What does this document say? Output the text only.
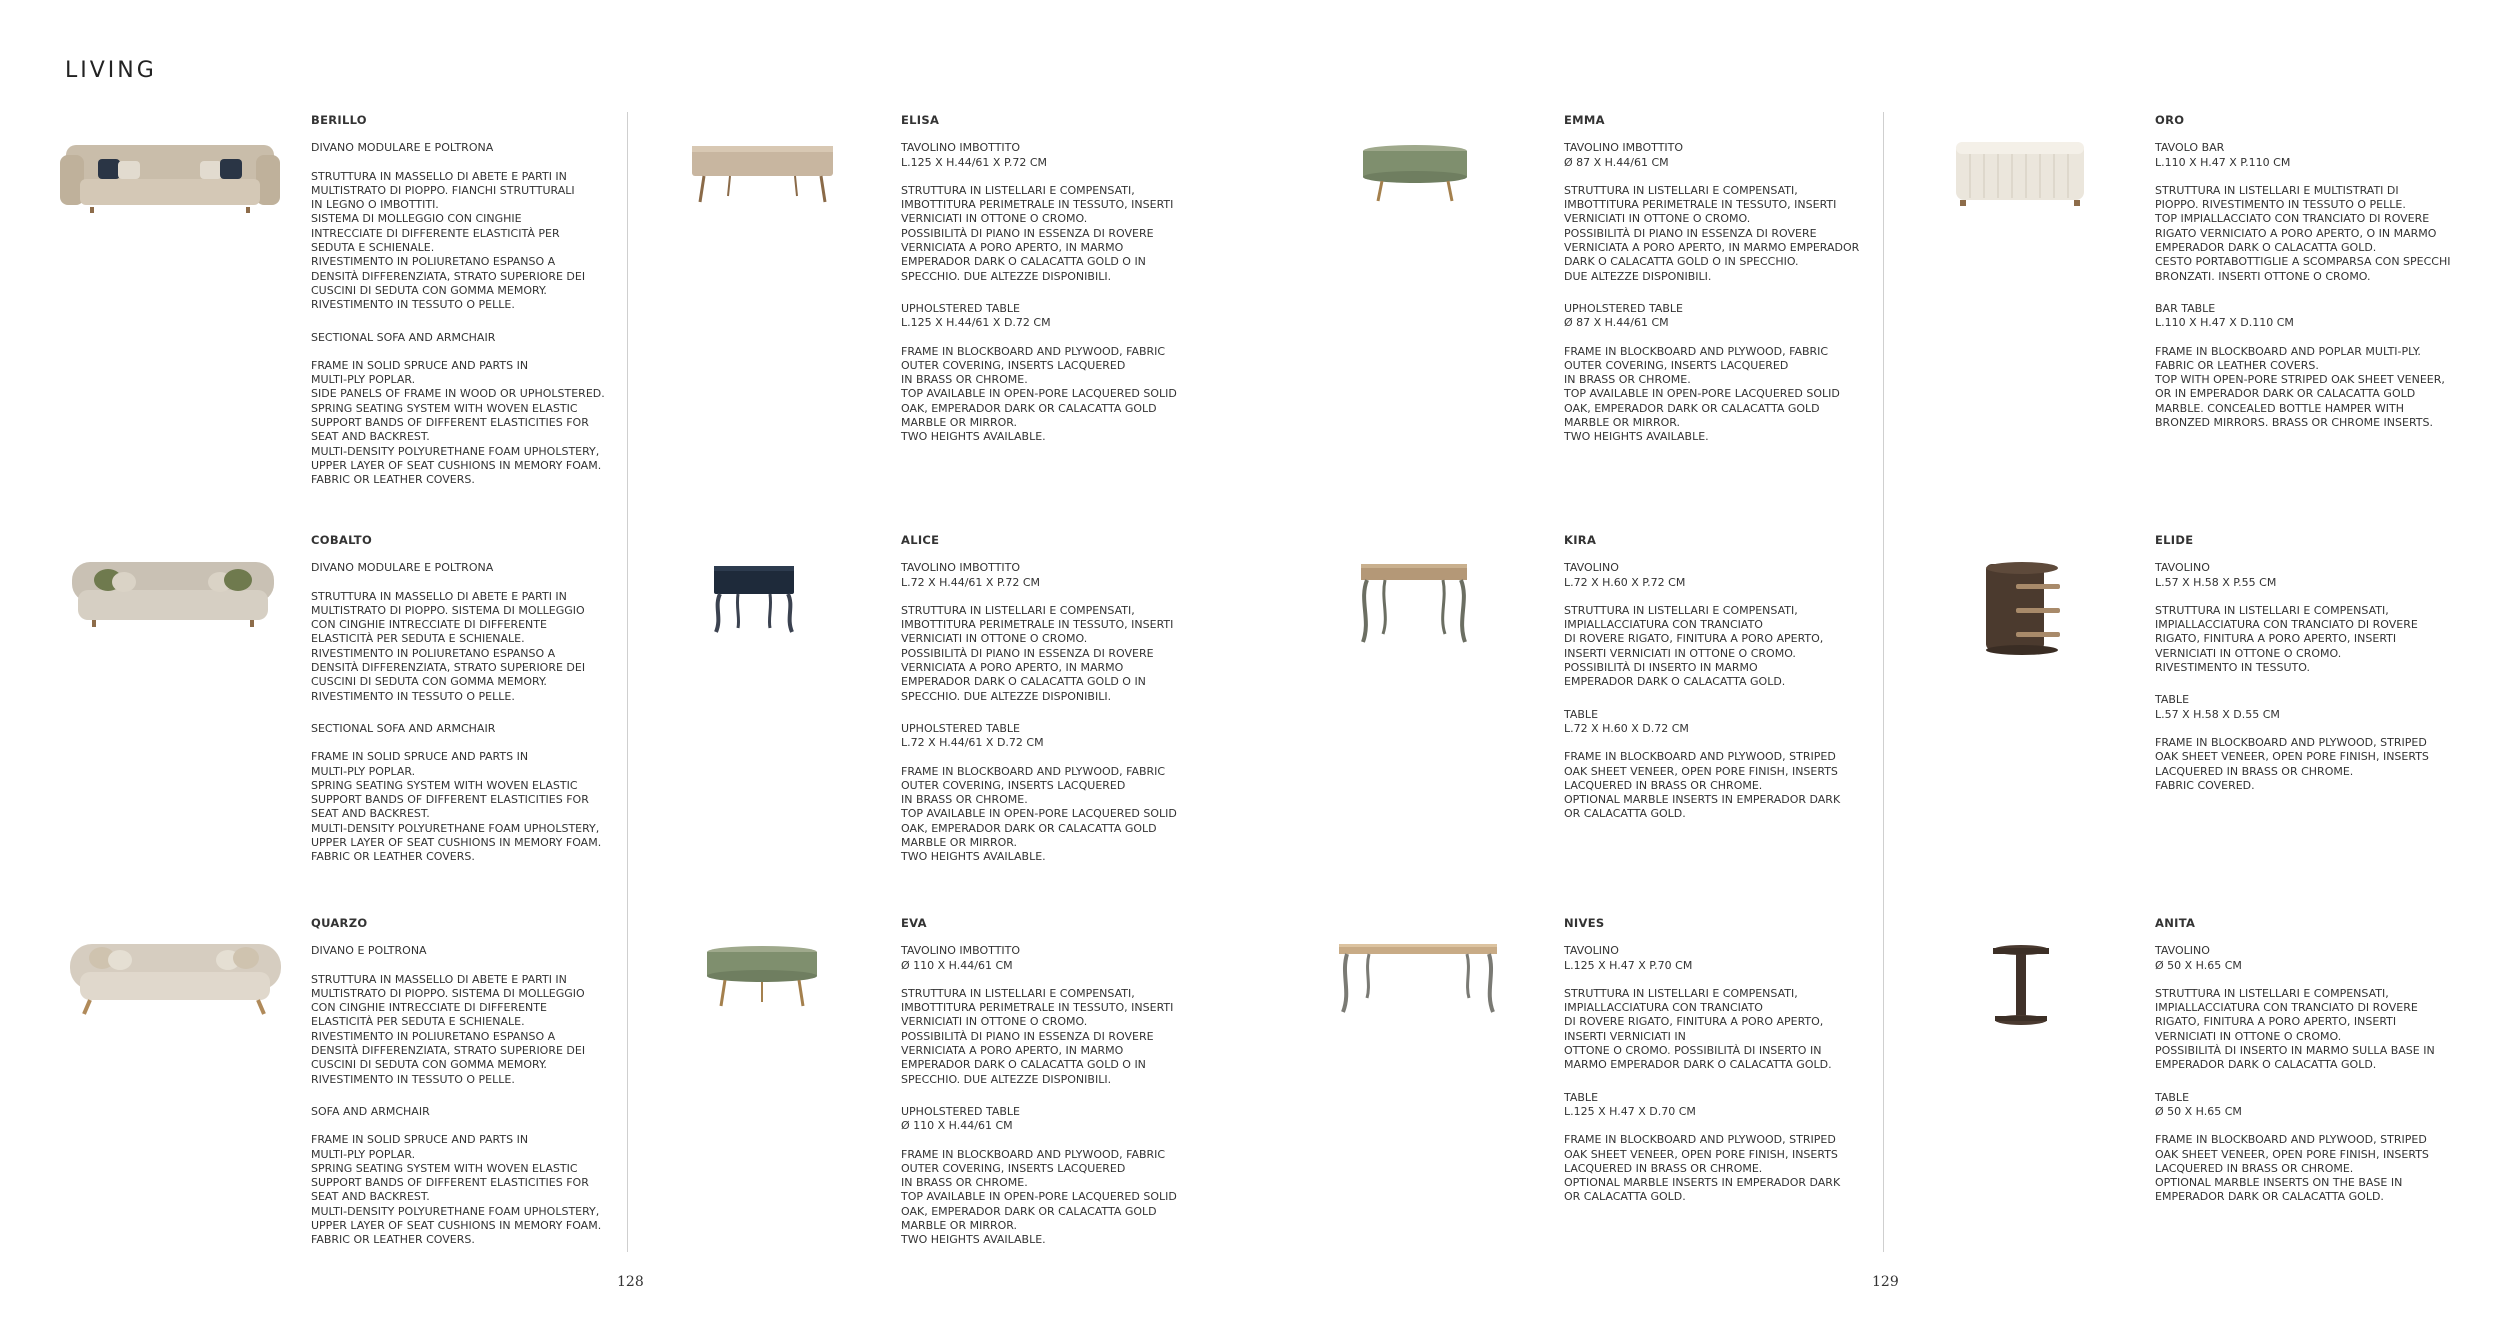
LIVING
128	129
BERILLO
DIVANO MODULARE E POLTRONA
STRUTTURA IN MASSELLO DI ABETE E PARTI IN
MULTISTRATO DI PIOPPO. FIANCHI STRUTTURALI
IN LEGNO O IMBOTTITI.
SISTEMA DI MOLLEGGIO CON CINGHIE
INTRECCIATE DI DIFFERENTE ELASTICITÀ PER
SEDUTA E SCHIENALE.
RIVESTIMENTO IN POLIURETANO ESPANSO A
DENSITÀ DIFFERENZIATA, STRATO SUPERIORE DEI
CUSCINI DI SEDUTA CON GOMMA MEMORY.
RIVESTIMENTO IN TESSUTO O PELLE.
SECTIONAL SOFA AND ARMCHAIR
FRAME IN SOLID SPRUCE AND PARTS IN
MULTI-PLY POPLAR.
SIDE PANELS OF FRAME IN WOOD OR UPHOLSTERED.
SPRING SEATING SYSTEM WITH WOVEN ELASTIC
SUPPORT BANDS OF DIFFERENT ELASTICITIES FOR
SEAT AND BACKREST.
MULTI-DENSITY POLYURETHANE FOAM UPHOLSTERY,
UPPER LAYER OF SEAT CUSHIONS IN MEMORY FOAM.
FABRIC OR LEATHER COVERS.
ELISA
TAVOLINO IMBOTTITO
L.125 X H.44/61 X P.72 CM
STRUTTURA IN LISTELLARI E COMPENSATI,
IMBOTTITURA PERIMETRALE IN TESSUTO, INSERTI
VERNICIATI IN OTTONE O CROMO.
POSSIBILITÀ DI PIANO IN ESSENZA DI ROVERE
VERNICIATA A PORO APERTO, IN MARMO
EMPERADOR DARK O CALACATTA GOLD O IN
SPECCHIO. DUE ALTEZZE DISPONIBILI.
UPHOLSTERED TABLE
L.125 X H.44/61 X D.72 CM
FRAME IN BLOCKBOARD AND PLYWOOD, FABRIC
OUTER COVERING, INSERTS LACQUERED
IN BRASS OR CHROME.
TOP AVAILABLE IN OPEN-PORE LACQUERED SOLID
OAK, EMPERADOR DARK OR CALACATTA GOLD
MARBLE OR MIRROR.
TWO HEIGHTS AVAILABLE.
EMMA
TAVOLINO IMBOTTITO
Ø 87 X H.44/61 CM
STRUTTURA IN LISTELLARI E COMPENSATI,
IMBOTTITURA PERIMETRALE IN TESSUTO, INSERTI
VERNICIATI IN OTTONE O CROMO.
POSSIBILITÀ DI PIANO IN ESSENZA DI ROVERE
VERNICIATA A PORO APERTO, IN MARMO EMPERADOR
DARK O CALACATTA GOLD O IN SPECCHIO.
DUE ALTEZZE DISPONIBILI.
UPHOLSTERED TABLE
Ø 87 X H.44/61 CM
FRAME IN BLOCKBOARD AND PLYWOOD, FABRIC
OUTER COVERING, INSERTS LACQUERED
IN BRASS OR CHROME.
TOP AVAILABLE IN OPEN-PORE LACQUERED SOLID
OAK, EMPERADOR DARK OR CALACATTA GOLD
MARBLE OR MIRROR.
TWO HEIGHTS AVAILABLE.
ORO
TAVOLO BAR
L.110 X H.47 X P.110 CM
STRUTTURA IN LISTELLARI E MULTISTRATI DI
PIOPPO. RIVESTIMENTO IN TESSUTO O PELLE.
TOP IMPIALLACCIATO CON TRANCIATO DI ROVERE
RIGATO VERNICIATO A PORO APERTO, O IN MARMO
EMPERADOR DARK O CALACATTA GOLD.
CESTO PORTABOTTIGLIE A SCOMPARSA CON SPECCHI
BRONZATI. INSERTI OTTONE O CROMO.
BAR TABLE
L.110 X H.47 X D.110 CM
FRAME IN BLOCKBOARD AND POPLAR MULTI-PLY.
FABRIC OR LEATHER COVERS.
TOP WITH OPEN-PORE STRIPED OAK SHEET VENEER,
OR IN EMPERADOR DARK OR CALACATTA GOLD
MARBLE. CONCEALED BOTTLE HAMPER WITH
BRONZED MIRRORS. BRASS OR CHROME INSERTS.
COBALTO
DIVANO MODULARE E POLTRONA
STRUTTURA IN MASSELLO DI ABETE E PARTI IN
MULTISTRATO DI PIOPPO. SISTEMA DI MOLLEGGIO
CON CINGHIE INTRECCIATE DI DIFFERENTE
ELASTICITÀ PER SEDUTA E SCHIENALE.
RIVESTIMENTO IN POLIURETANO ESPANSO A
DENSITÀ DIFFERENZIATA, STRATO SUPERIORE DEI
CUSCINI DI SEDUTA CON GOMMA MEMORY.
RIVESTIMENTO IN TESSUTO O PELLE.
SECTIONAL SOFA AND ARMCHAIR
FRAME IN SOLID SPRUCE AND PARTS IN
MULTI-PLY POPLAR.
SPRING SEATING SYSTEM WITH WOVEN ELASTIC
SUPPORT BANDS OF DIFFERENT ELASTICITIES FOR
SEAT AND BACKREST.
MULTI-DENSITY POLYURETHANE FOAM UPHOLSTERY,
UPPER LAYER OF SEAT CUSHIONS IN MEMORY FOAM.
FABRIC OR LEATHER COVERS.
ALICE
TAVOLINO IMBOTTITO
L.72 X H.44/61 X P.72 CM
STRUTTURA IN LISTELLARI E COMPENSATI,
IMBOTTITURA PERIMETRALE IN TESSUTO, INSERTI
VERNICIATI IN OTTONE O CROMO.
POSSIBILITÀ DI PIANO IN ESSENZA DI ROVERE
VERNICIATA A PORO APERTO, IN MARMO
EMPERADOR DARK O CALACATTA GOLD O IN
SPECCHIO. DUE ALTEZZE DISPONIBILI.
UPHOLSTERED TABLE
L.72 X H.44/61 X D.72 CM
FRAME IN BLOCKBOARD AND PLYWOOD, FABRIC
OUTER COVERING, INSERTS LACQUERED
IN BRASS OR CHROME.
TOP AVAILABLE IN OPEN-PORE LACQUERED SOLID
OAK, EMPERADOR DARK OR CALACATTA GOLD
MARBLE OR MIRROR.
TWO HEIGHTS AVAILABLE.
KIRA
TAVOLINO
L.72 X H.60 X P.72 CM
STRUTTURA IN LISTELLARI E COMPENSATI,
IMPIALLACCIATURA CON TRANCIATO
DI ROVERE RIGATO, FINITURA A PORO APERTO,
INSERTI VERNICIATI IN OTTONE O CROMO.
POSSIBILITÀ DI INSERTO IN MARMO
EMPERADOR DARK O CALACATTA GOLD.
TABLE
L.72 X H.60 X D.72 CM
FRAME IN BLOCKBOARD AND PLYWOOD, STRIPED
OAK SHEET VENEER, OPEN PORE FINISH, INSERTS
LACQUERED IN BRASS OR CHROME.
OPTIONAL MARBLE INSERTS IN EMPERADOR DARK
OR CALACATTA GOLD.
ELIDE
TAVOLINO
L.57 X H.58 X P.55 CM
STRUTTURA IN LISTELLARI E COMPENSATI,
IMPIALLACCIATURA CON TRANCIATO DI ROVERE
RIGATO, FINITURA A PORO APERTO, INSERTI
VERNICIATI IN OTTONE O CROMO.
RIVESTIMENTO IN TESSUTO.
TABLE
L.57 X H.58 X D.55 CM
FRAME IN BLOCKBOARD AND PLYWOOD, STRIPED
OAK SHEET VENEER, OPEN PORE FINISH, INSERTS
LACQUERED IN BRASS OR CHROME.
FABRIC COVERED.
QUARZO
DIVANO E POLTRONA
STRUTTURA IN MASSELLO DI ABETE E PARTI IN
MULTISTRATO DI PIOPPO. SISTEMA DI MOLLEGGIO
CON CINGHIE INTRECCIATE DI DIFFERENTE
ELASTICITÀ PER SEDUTA E SCHIENALE.
RIVESTIMENTO IN POLIURETANO ESPANSO A
DENSITÀ DIFFERENZIATA, STRATO SUPERIORE DEI
CUSCINI DI SEDUTA CON GOMMA MEMORY.
RIVESTIMENTO IN TESSUTO O PELLE.
SOFA AND ARMCHAIR
FRAME IN SOLID SPRUCE AND PARTS IN
MULTI-PLY POPLAR.
SPRING SEATING SYSTEM WITH WOVEN ELASTIC
SUPPORT BANDS OF DIFFERENT ELASTICITIES FOR
SEAT AND BACKREST.
MULTI-DENSITY POLYURETHANE FOAM UPHOLSTERY,
UPPER LAYER OF SEAT CUSHIONS IN MEMORY FOAM.
FABRIC OR LEATHER COVERS.
EVA
TAVOLINO IMBOTTITO
Ø 110 X H.44/61 CM
STRUTTURA IN LISTELLARI E COMPENSATI,
IMBOTTITURA PERIMETRALE IN TESSUTO, INSERTI
VERNICIATI IN OTTONE O CROMO.
POSSIBILITÀ DI PIANO IN ESSENZA DI ROVERE
VERNICIATA A PORO APERTO, IN MARMO
EMPERADOR DARK O CALACATTA GOLD O IN
SPECCHIO. DUE ALTEZZE DISPONIBILI.
UPHOLSTERED TABLE
Ø 110 X H.44/61 CM
FRAME IN BLOCKBOARD AND PLYWOOD, FABRIC
OUTER COVERING, INSERTS LACQUERED
IN BRASS OR CHROME.
TOP AVAILABLE IN OPEN-PORE LACQUERED SOLID
OAK, EMPERADOR DARK OR CALACATTA GOLD
MARBLE OR MIRROR.
TWO HEIGHTS AVAILABLE.
NIVES
TAVOLINO
L.125 X H.47 X P.70 CM
STRUTTURA IN LISTELLARI E COMPENSATI,
IMPIALLACCIATURA CON TRANCIATO
DI ROVERE RIGATO, FINITURA A PORO APERTO,
INSERTI VERNICIATI IN
OTTONE O CROMO. POSSIBILITÀ DI INSERTO IN
MARMO EMPERADOR DARK O CALACATTA GOLD.
TABLE
L.125 X H.47 X D.70 CM
FRAME IN BLOCKBOARD AND PLYWOOD, STRIPED
OAK SHEET VENEER, OPEN PORE FINISH, INSERTS
LACQUERED IN BRASS OR CHROME.
OPTIONAL MARBLE INSERTS IN EMPERADOR DARK
OR CALACATTA GOLD.
ANITA
TAVOLINO
Ø 50 X H.65 CM
STRUTTURA IN LISTELLARI E COMPENSATI,
IMPIALLACCIATURA CON TRANCIATO DI ROVERE
RIGATO, FINITURA A PORO APERTO, INSERTI
VERNICIATI IN OTTONE O CROMO.
POSSIBILITÀ DI INSERTO IN MARMO SULLA BASE IN
EMPERADOR DARK O CALACATTA GOLD.
TABLE
Ø 50 X H.65 CM
FRAME IN BLOCKBOARD AND PLYWOOD, STRIPED
OAK SHEET VENEER, OPEN PORE FINISH, INSERTS
LACQUERED IN BRASS OR CHROME.
OPTIONAL MARBLE INSERTS ON THE BASE IN
EMPERADOR DARK OR CALACATTA GOLD.
